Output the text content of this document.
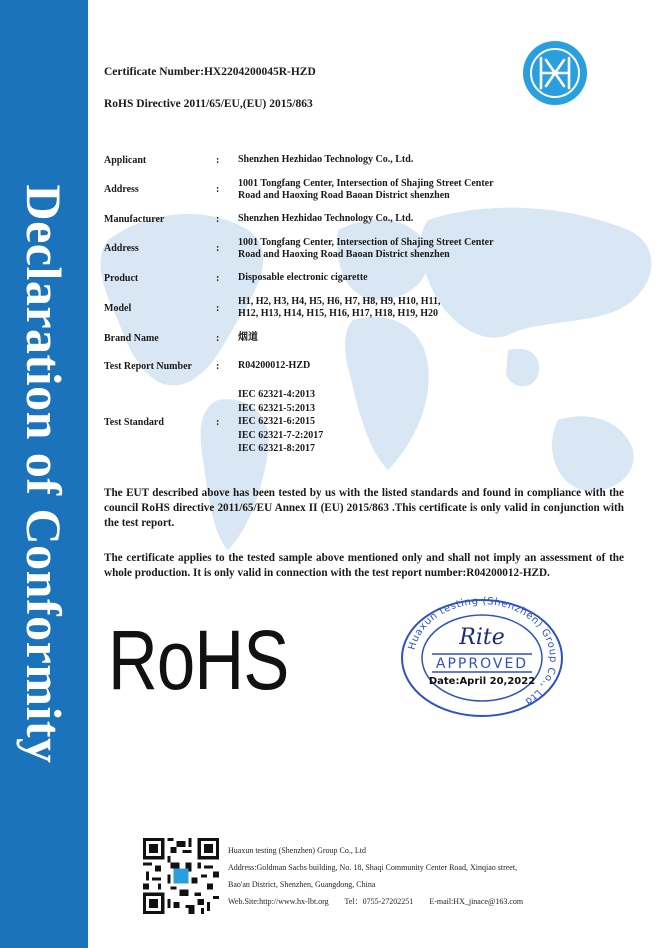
Declaration of Conformity
Certificate Number:HX2204200045R-HZD
RoHS Directive 2011/65/EU,(EU) 2015/863
Applicant	:	Shenzhen Hezhidao Technology Co., Ltd.
Address	:	1001 Tongfang Center, Intersection of Shajing Street Center
Road and Haoxing Road Baoan District shenzhen

Manufacturer	:	Shenzhen Hezhidao Technology Co., Ltd.
Address	:	1001 Tongfang Center, Intersection of Shajing Street Center
Road and Haoxing Road Baoan District shenzhen

Product	:	Disposable electronic cigarette
Model	:	H1, H2, H3, H4, H5, H6, H7, H8, H9, H10, H11,
H12, H13, H14, H15, H16, H17, H18, H19, H20

Brand Name	:	烟道
Test Report Number	:	R04200012-HZD
Test Standard	:	IEC 62321-4:2013
IEC 62321-5:2013
IEC 62321-6:2015
IEC 62321-7-2:2017
IEC 62321-8:2017
The EUT described above has been tested by us with the listed standards and found in compliance with the council RoHS directive 2011/65/EU Annex II (EU) 2015/863 .This certificate is only valid in conjunction with the test report.
The certificate applies to the tested sample above mentioned only and shall not imply an assessment of the whole production. It is only valid in connection with the test report number:R04200012-HZD.
RoHS	Huaxun testing (Shenzhen) Group Co., Ltd
Rite
APPROVED
Date:April 20,2022
Huaxun testing (Shenzhen) Group Co., Ltd
Address:Goldman Sachs building, No. 18, Shaqi Community Center Road, Xinqiao street,
Bao'an District, Shenzhen, Guangdong, China
Web.Site:http://www.hx-lbt.org Tel：0755-27202251 E-mail:HX_jinace@163.com
